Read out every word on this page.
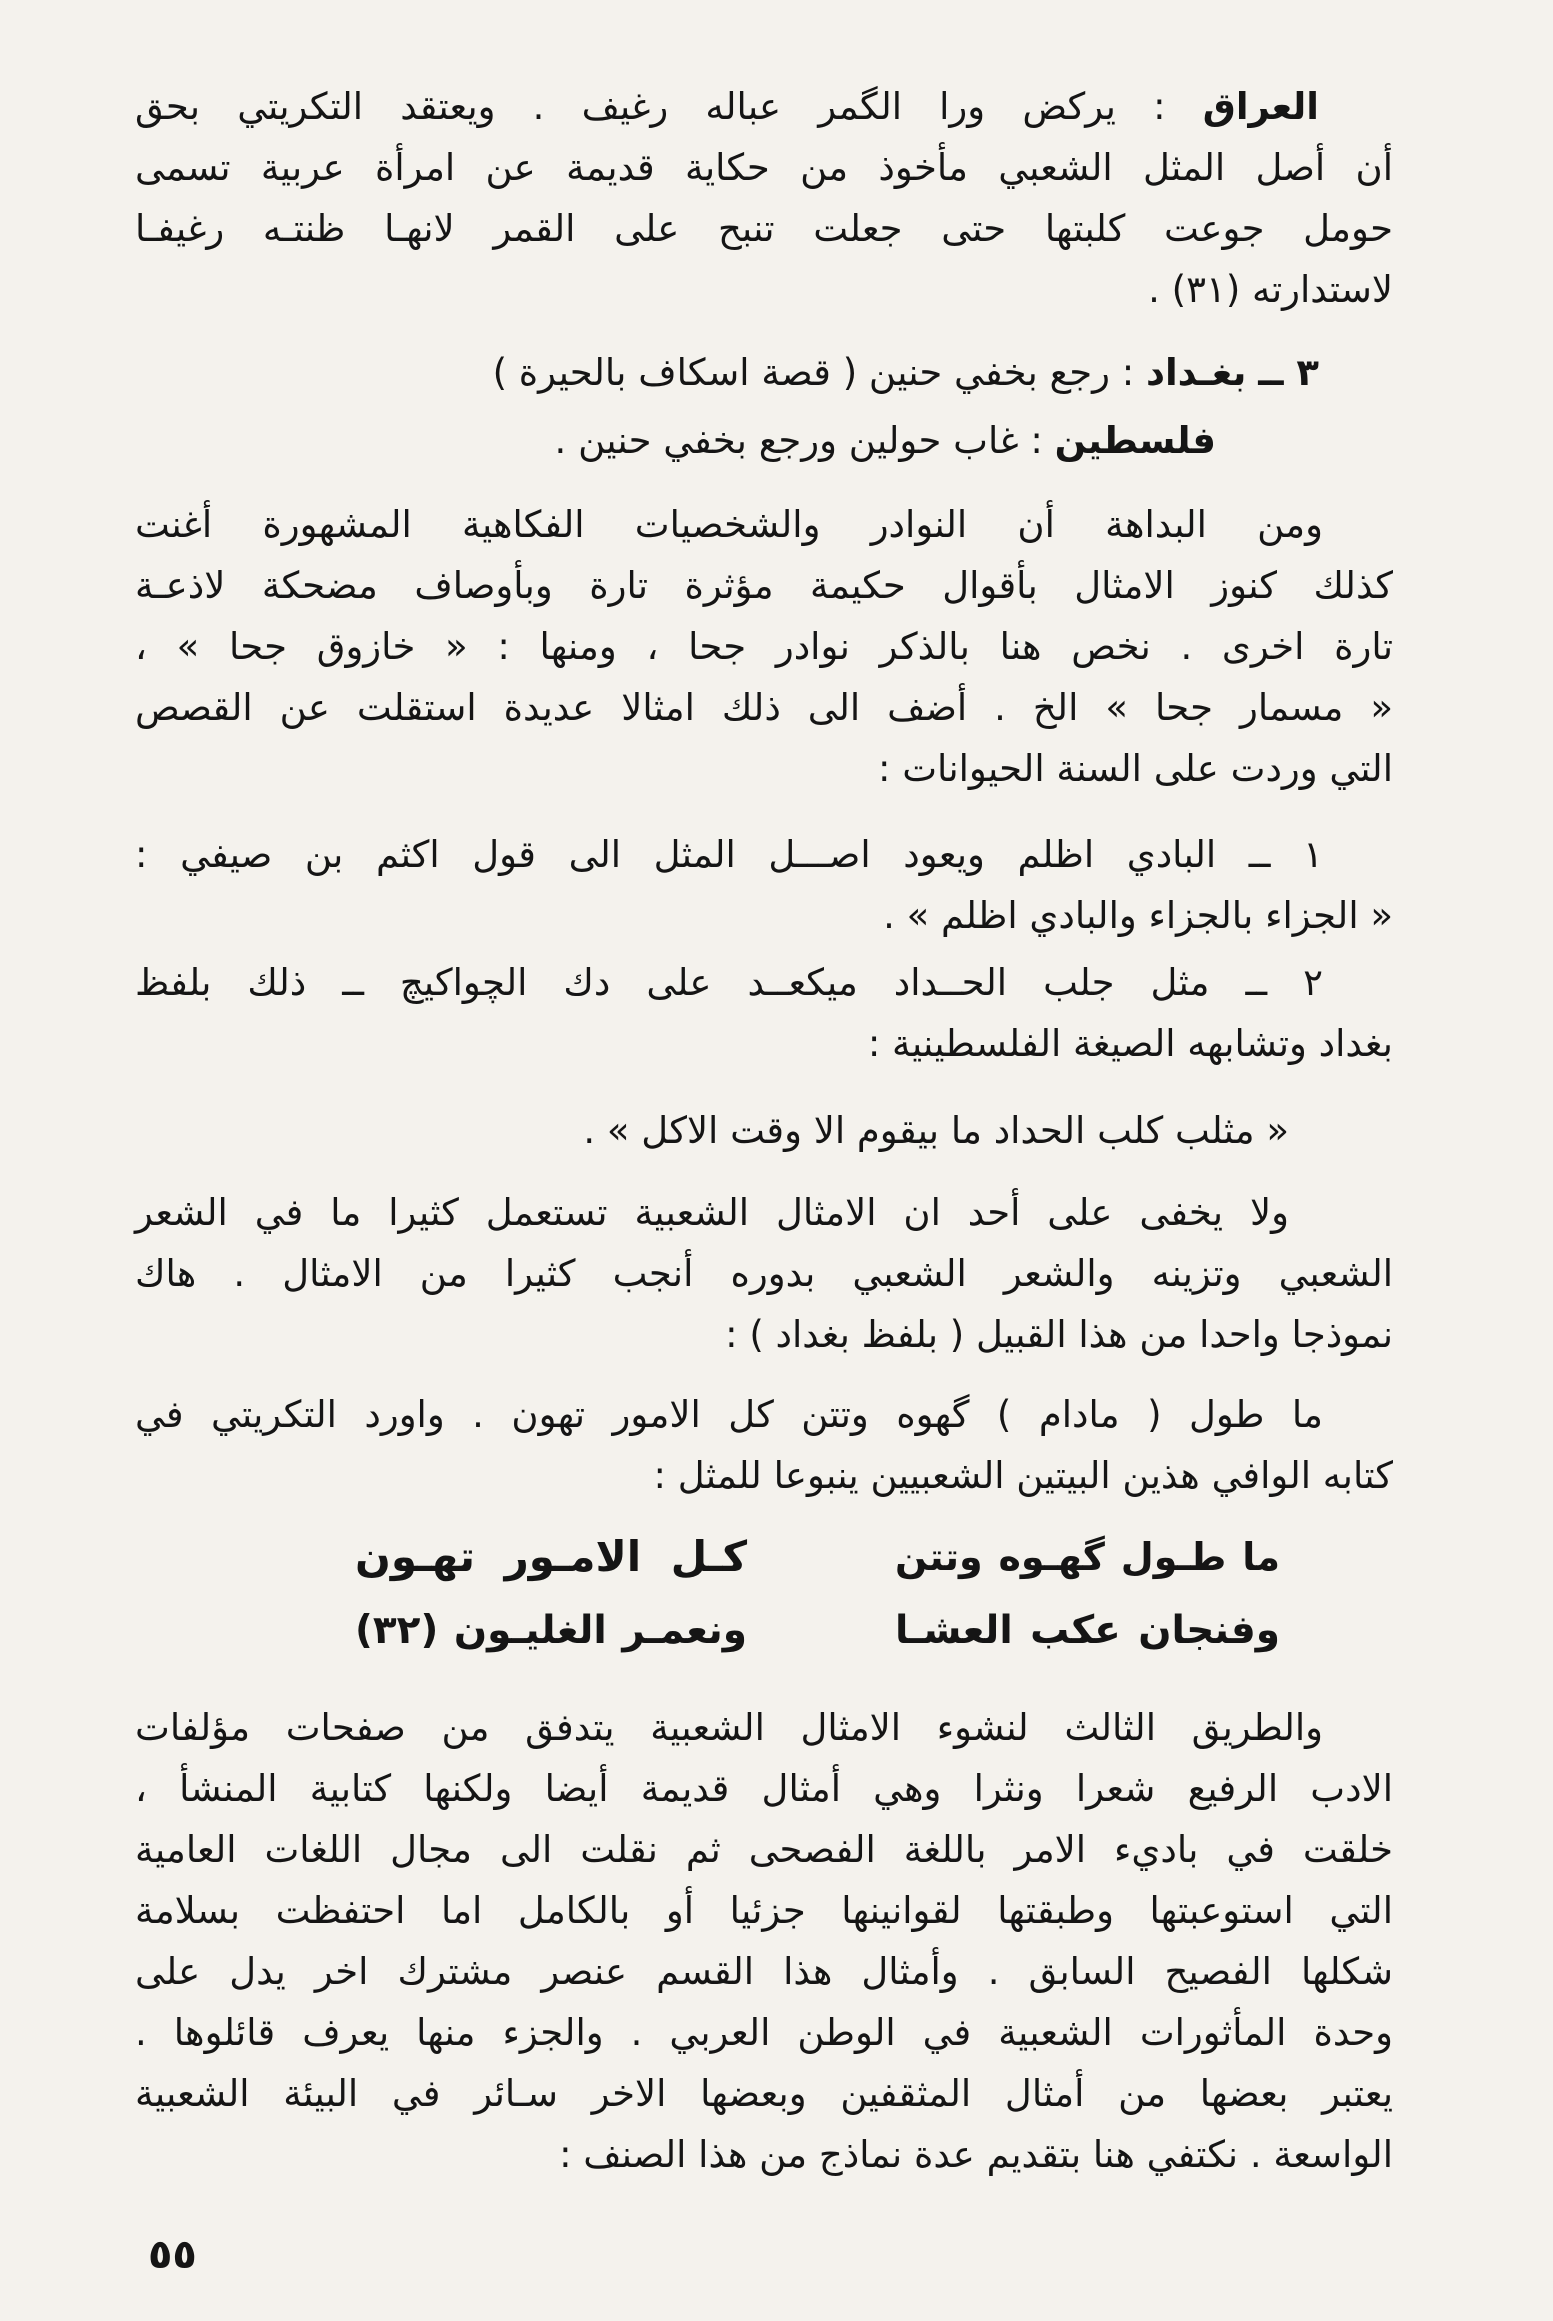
العراق : يركض ورا الگمر عباله رغيف . ويعتقد التكريتي بحق
أن أصل المثل الشعبي مأخوذ من حكاية قديمة عن امرأة عربية تسمى
حومل جوعت كلبتها حتى جعلت تنبح على القمر لانهـا ظنتـه رغيفـا
لاستدارته (٣١) .
٣ ــ بغـداد : رجع بخفي حنين ( قصة اسكاف بالحيرة )
فلسطين : غاب حولين ورجع بخفي حنين .
ومن البداهة أن النوادر والشخصيات الفكاهية المشهورة أغنت
كذلك كنوز الامثال بأقوال حكيمة مؤثرة تارة وبأوصاف مضحكة لاذعـة
تارة اخرى . نخص هنا بالذكر نوادر جحا ، ومنها : « خازوق جحا » ،
« مسمار جحا » الخ . أضف الى ذلك امثالا عديدة استقلت عن القصص
التي وردت على السنة الحيوانات :
١ ــ البادي اظلم ويعود اصـــل المثل الى قول اكثم بن صيفي :
« الجزاء بالجزاء والبادي اظلم » .
٢ ــ مثل جلب الحــداد ميكعــد على دك الچواكيچ ــ ذلك بلفظ
بغداد وتشابهه الصيغة الفلسطينية :
« مثلب كلب الحداد ما بيقوم الا وقت الاكل » .
ولا يخفى على أحد ان الامثال الشعبية تستعمل كثيرا ما في الشعر
الشعبي وتزينه والشعر الشعبي بدوره أنجب كثيرا من الامثال . هاك
نموذجا واحدا من هذا القبيل ( بلفظ بغداد ) :
ما طول ( مادام ) گهوه وتتن كل الامور تهون . واورد التكريتي في
كتابه الوافي هذين البيتين الشعبيين ينبوعا للمثل :
ما طـول گهـوه وتتن
كـل الامـور تهـون
وفنجان عكب العشـا
ونعمـر الغليـون (٣٢)
والطريق الثالث لنشوء الامثال الشعبية يتدفق من صفحات مؤلفات
الادب الرفيع شعرا ونثرا وهي أمثال قديمة أيضا ولكنها كتابية المنشأ ،
خلقت في باديء الامر باللغة الفصحى ثم نقلت الى مجال اللغات العامية
التي استوعبتها وطبقتها لقوانينها جزئيا أو بالكامل اما احتفظت بسلامة
شكلها الفصيح السابق . وأمثال هذا القسم عنصر مشترك اخر يدل على
وحدة المأثورات الشعبية في الوطن العربي . والجزء منها يعرف قائلوها .
يعتبر بعضها من أمثال المثقفين وبعضها الاخر سـائر في البيئة الشعبية
الواسعة . نكتفي هنا بتقديم عدة نماذج من هذا الصنف :
٥٥
